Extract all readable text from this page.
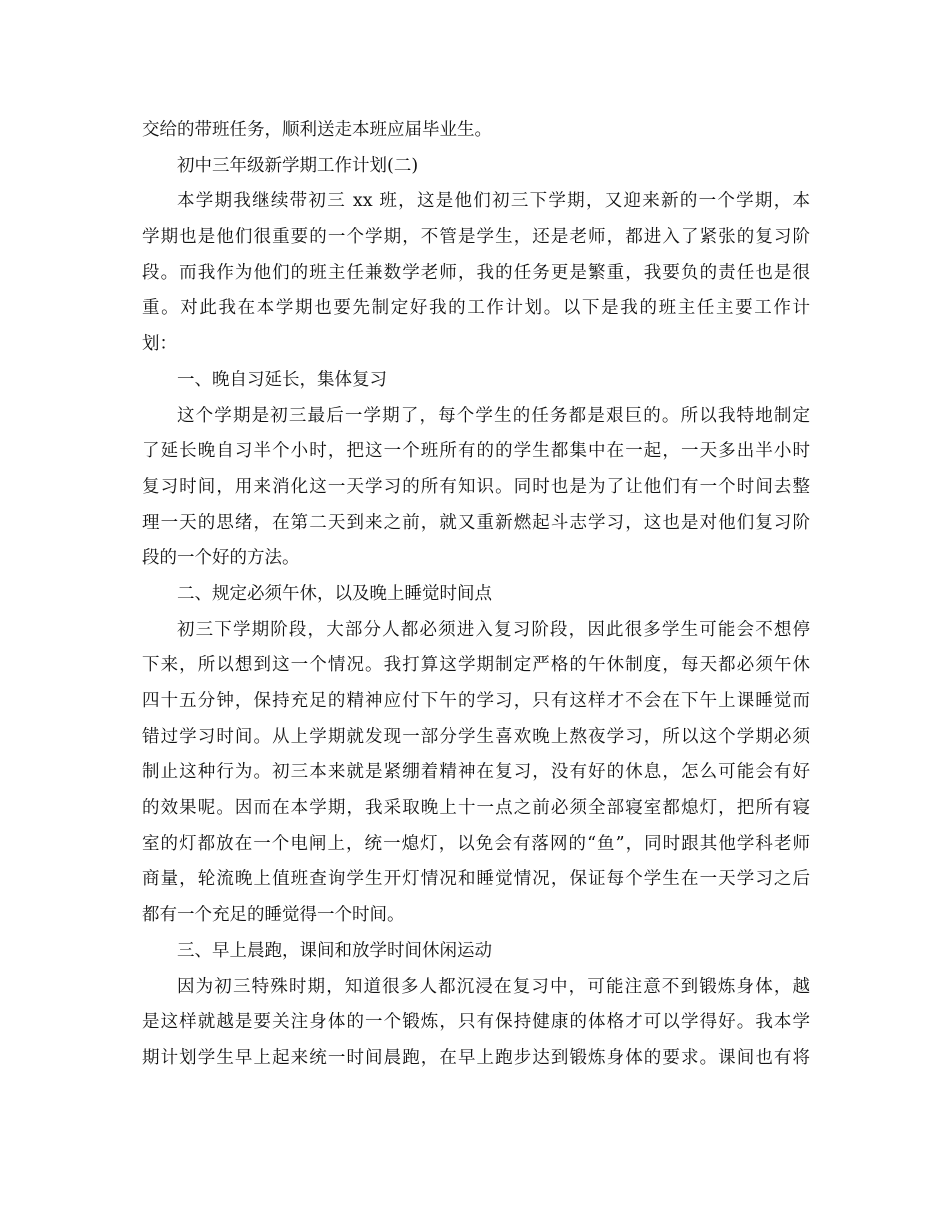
交给的带班任务，顺利送走本班应届毕业生。
初中三年级新学期工作计划(二)
本学期我继续带初三 xx 班，这是他们初三下学期，又迎来新的一个学期，本
学期也是他们很重要的一个学期，不管是学生，还是老师，都进入了紧张的复习阶
段。而我作为他们的班主任兼数学老师，我的任务更是繁重，我要负的责任也是很
重。对此我在本学期也要先制定好我的工作计划。以下是我的班主任主要工作计
划：
一、晚自习延长，集体复习
这个学期是初三最后一学期了，每个学生的任务都是艰巨的。所以我特地制定
了延长晚自习半个小时，把这一个班所有的的学生都集中在一起，一天多出半小时
复习时间，用来消化这一天学习的所有知识。同时也是为了让他们有一个时间去整
理一天的思绪，在第二天到来之前，就又重新燃起斗志学习，这也是对他们复习阶
段的一个好的方法。
二、规定必须午休，以及晚上睡觉时间点
初三下学期阶段，大部分人都必须进入复习阶段，因此很多学生可能会不想停
下来，所以想到这一个情况。我打算这学期制定严格的午休制度，每天都必须午休
四十五分钟，保持充足的精神应付下午的学习，只有这样才不会在下午上课睡觉而
错过学习时间。从上学期就发现一部分学生喜欢晚上熬夜学习，所以这个学期必须
制止这种行为。初三本来就是紧绷着精神在复习，没有好的休息，怎么可能会有好
的效果呢。因而在本学期，我采取晚上十一点之前必须全部寝室都熄灯，把所有寝
室的灯都放在一个电闸上，统一熄灯，以免会有落网的“鱼”，同时跟其他学科老师
商量，轮流晚上值班查询学生开灯情况和睡觉情况，保证每个学生在一天学习之后
都有一个充足的睡觉得一个时间。
三、早上晨跑，课间和放学时间休闲运动
因为初三特殊时期，知道很多人都沉浸在复习中，可能注意不到锻炼身体，越
是这样就越是要关注身体的一个锻炼，只有保持健康的体格才可以学得好。我本学
期计划学生早上起来统一时间晨跑，在早上跑步达到锻炼身体的要求。课间也有将
